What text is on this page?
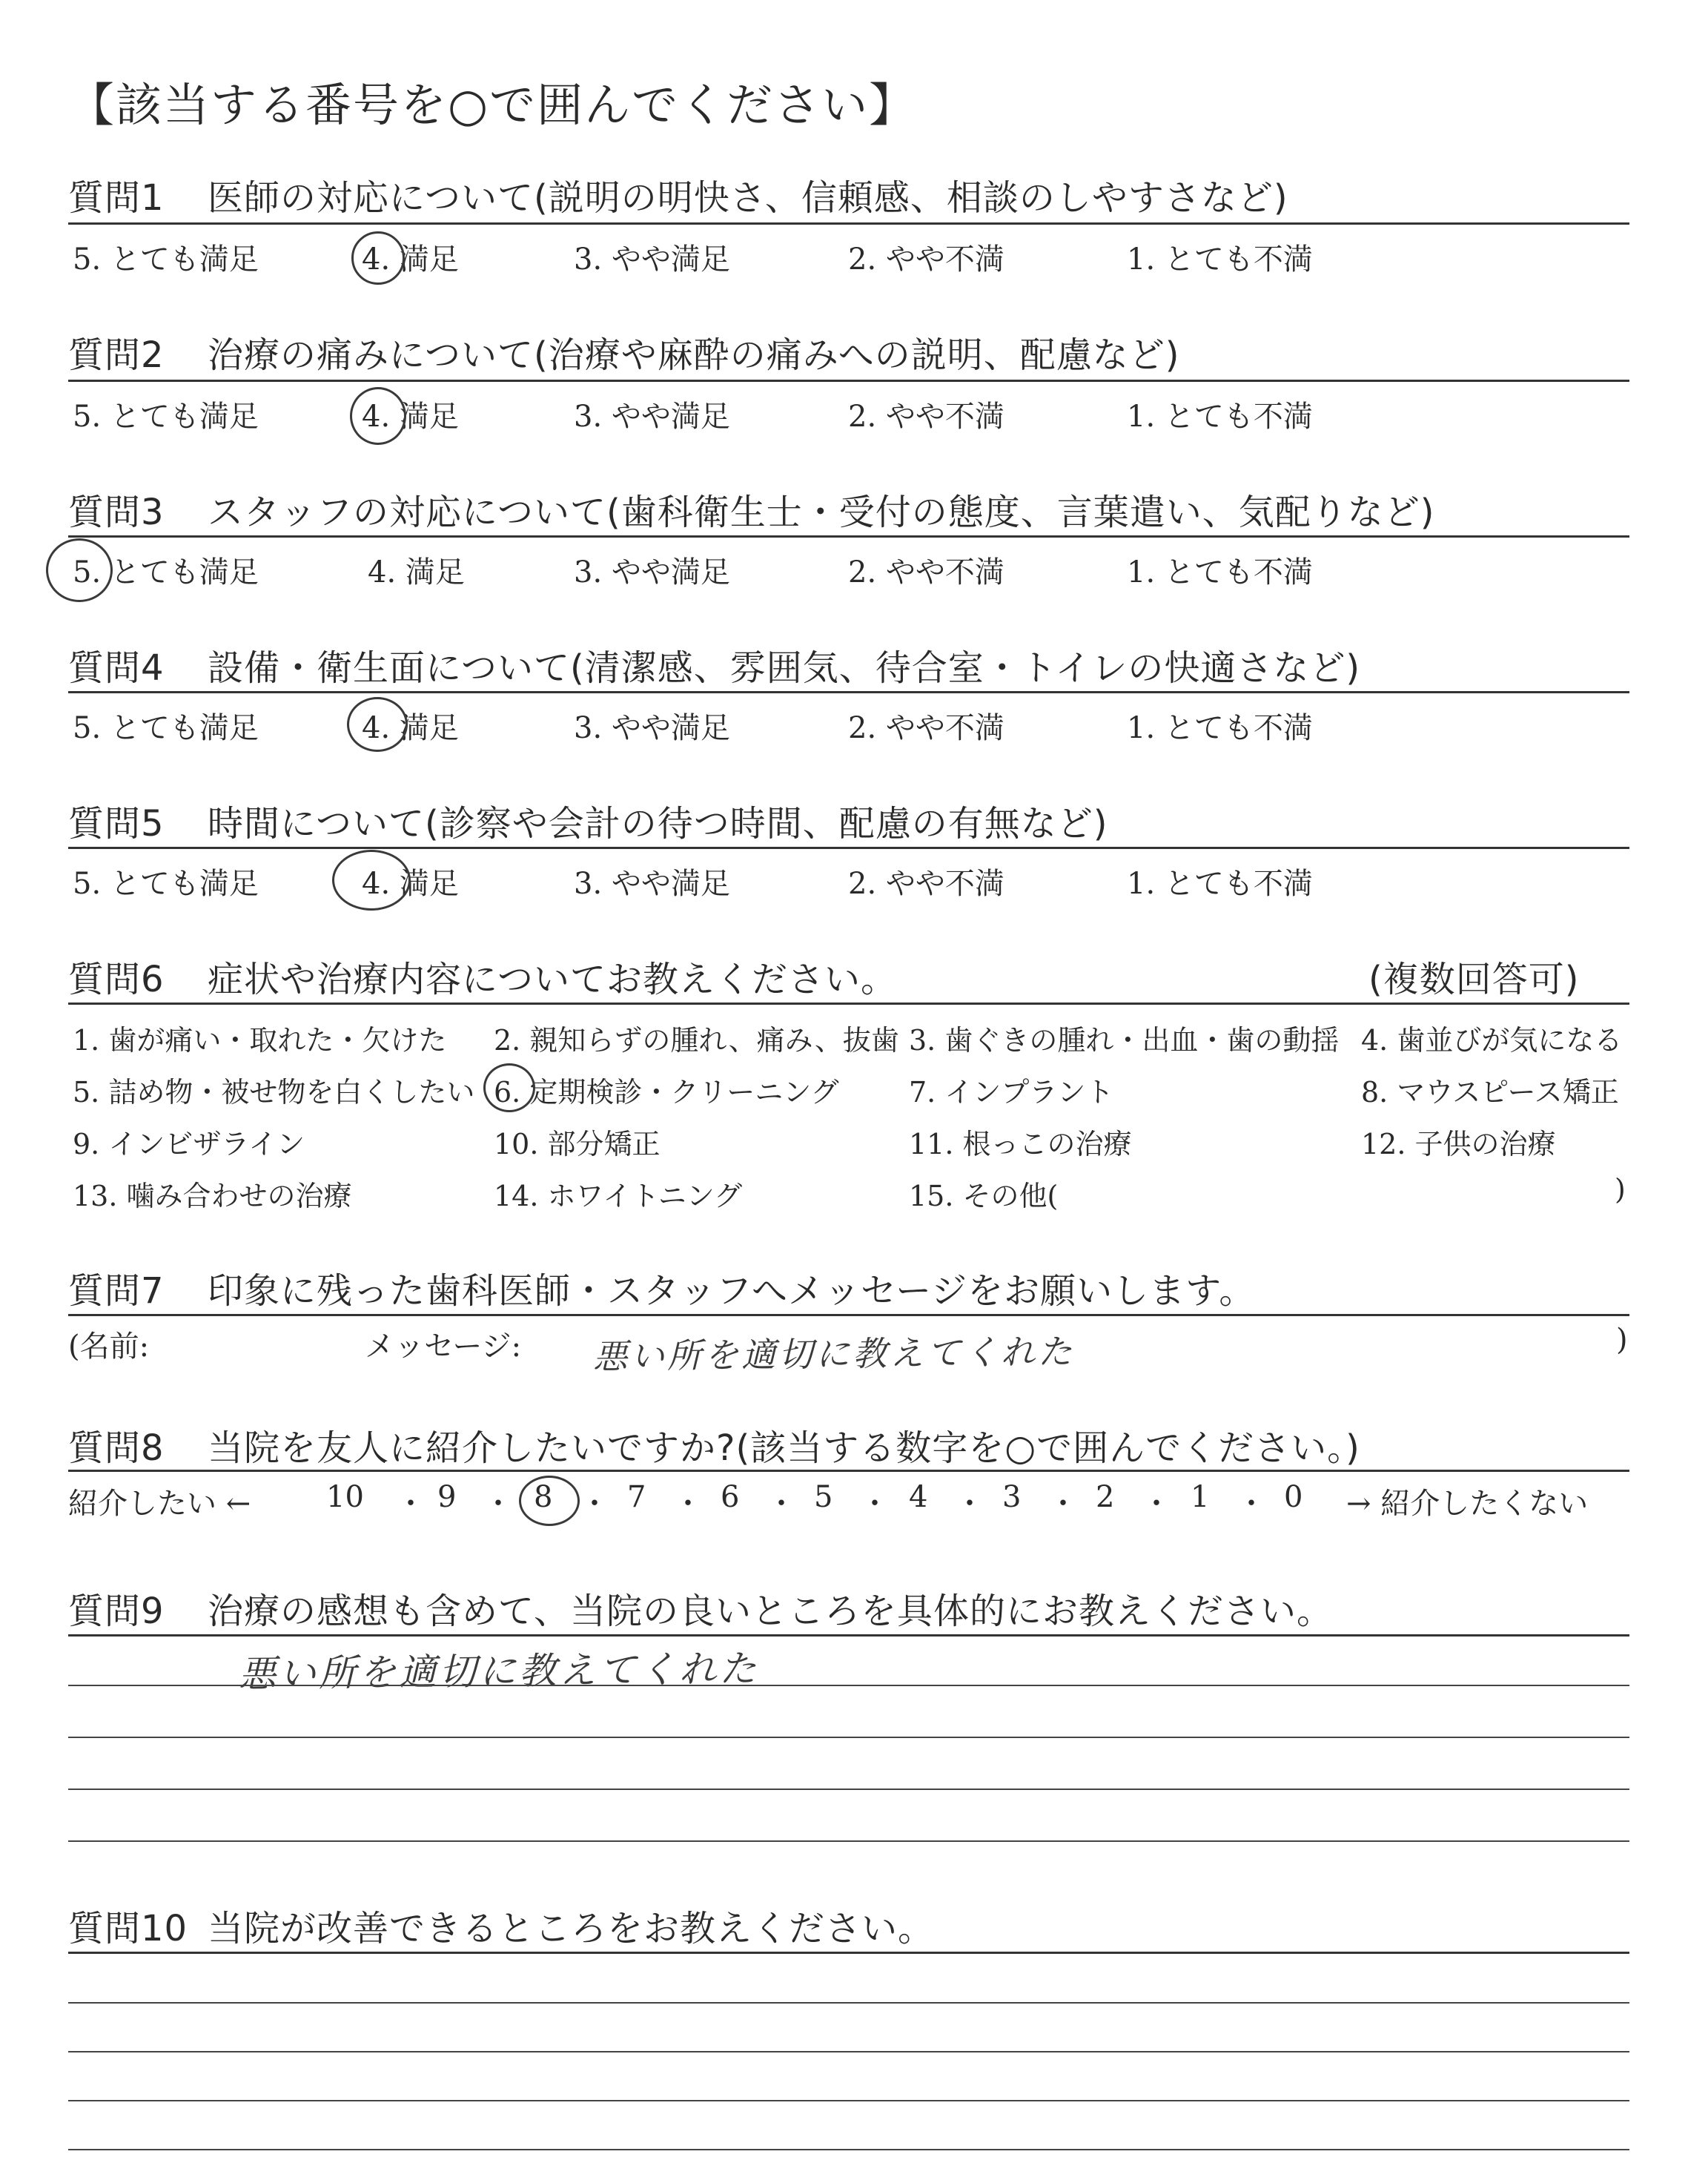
【該当する番号を○で囲んでください】
質問1 医師の対応について(説明の明快さ、信頼感、相談のしやすさなど)
5. とても満足	4. 満足	3. やや満足	2. やや不満	1. とても不満
質問2 治療の痛みについて(治療や麻酔の痛みへの説明、配慮など)
5. とても満足	4. 満足	3. やや満足	2. やや不満	1. とても不満
質問3 スタッフの対応について(歯科衛生士・受付の態度、言葉遣い、気配りなど)
5. とても満足	4. 満足	3. やや満足	2. やや不満	1. とても不満
質問4 設備・衛生面について(清潔感、雰囲気、待合室・トイレの快適さなど)
5. とても満足	4. 満足	3. やや満足	2. やや不満	1. とても不満
質問5 時間について(診察や会計の待つ時間、配慮の有無など)
5. とても満足	4. 満足	3. やや満足	2. やや不満	1. とても不満
質問6 症状や治療内容についてお教えください。	(複数回答可)
1. 歯が痛い・取れた・欠けた 2. 親知らずの腫れ、痛み、抜歯 3. 歯ぐきの腫れ・出血・歯の動揺 4. 歯並びが気になる
5. 詰め物・被せ物を白くしたい 6. 定期検診・クリーニング 7. インプラント	8. マウスピース矯正
9. インビザライン	10. 部分矯正	11. 根っこの治療	12. 子供の治療
13. 噛み合わせの治療	14. ホワイトニング	15. その他(	)
質問7 印象に残った歯科医師・スタッフへメッセージをお願いします。
(名前:	メッセージ: 悪い所を適切に教えてくれた	)
質問8 当院を友人に紹介したいですか?(該当する数字を○で囲んでください。)
紹介したい ←	→ 紹介したくない
10 ・ 9 ・ 8 ・ 7 ・ 6 ・ 5 ・ 4 ・ 3 ・ 2 ・ 1 ・ 0
質問9 治療の感想も含めて、当院の良いところを具体的にお教えください。
悪い所を適切に教えてくれた
質問10 当院が改善できるところをお教えください。
